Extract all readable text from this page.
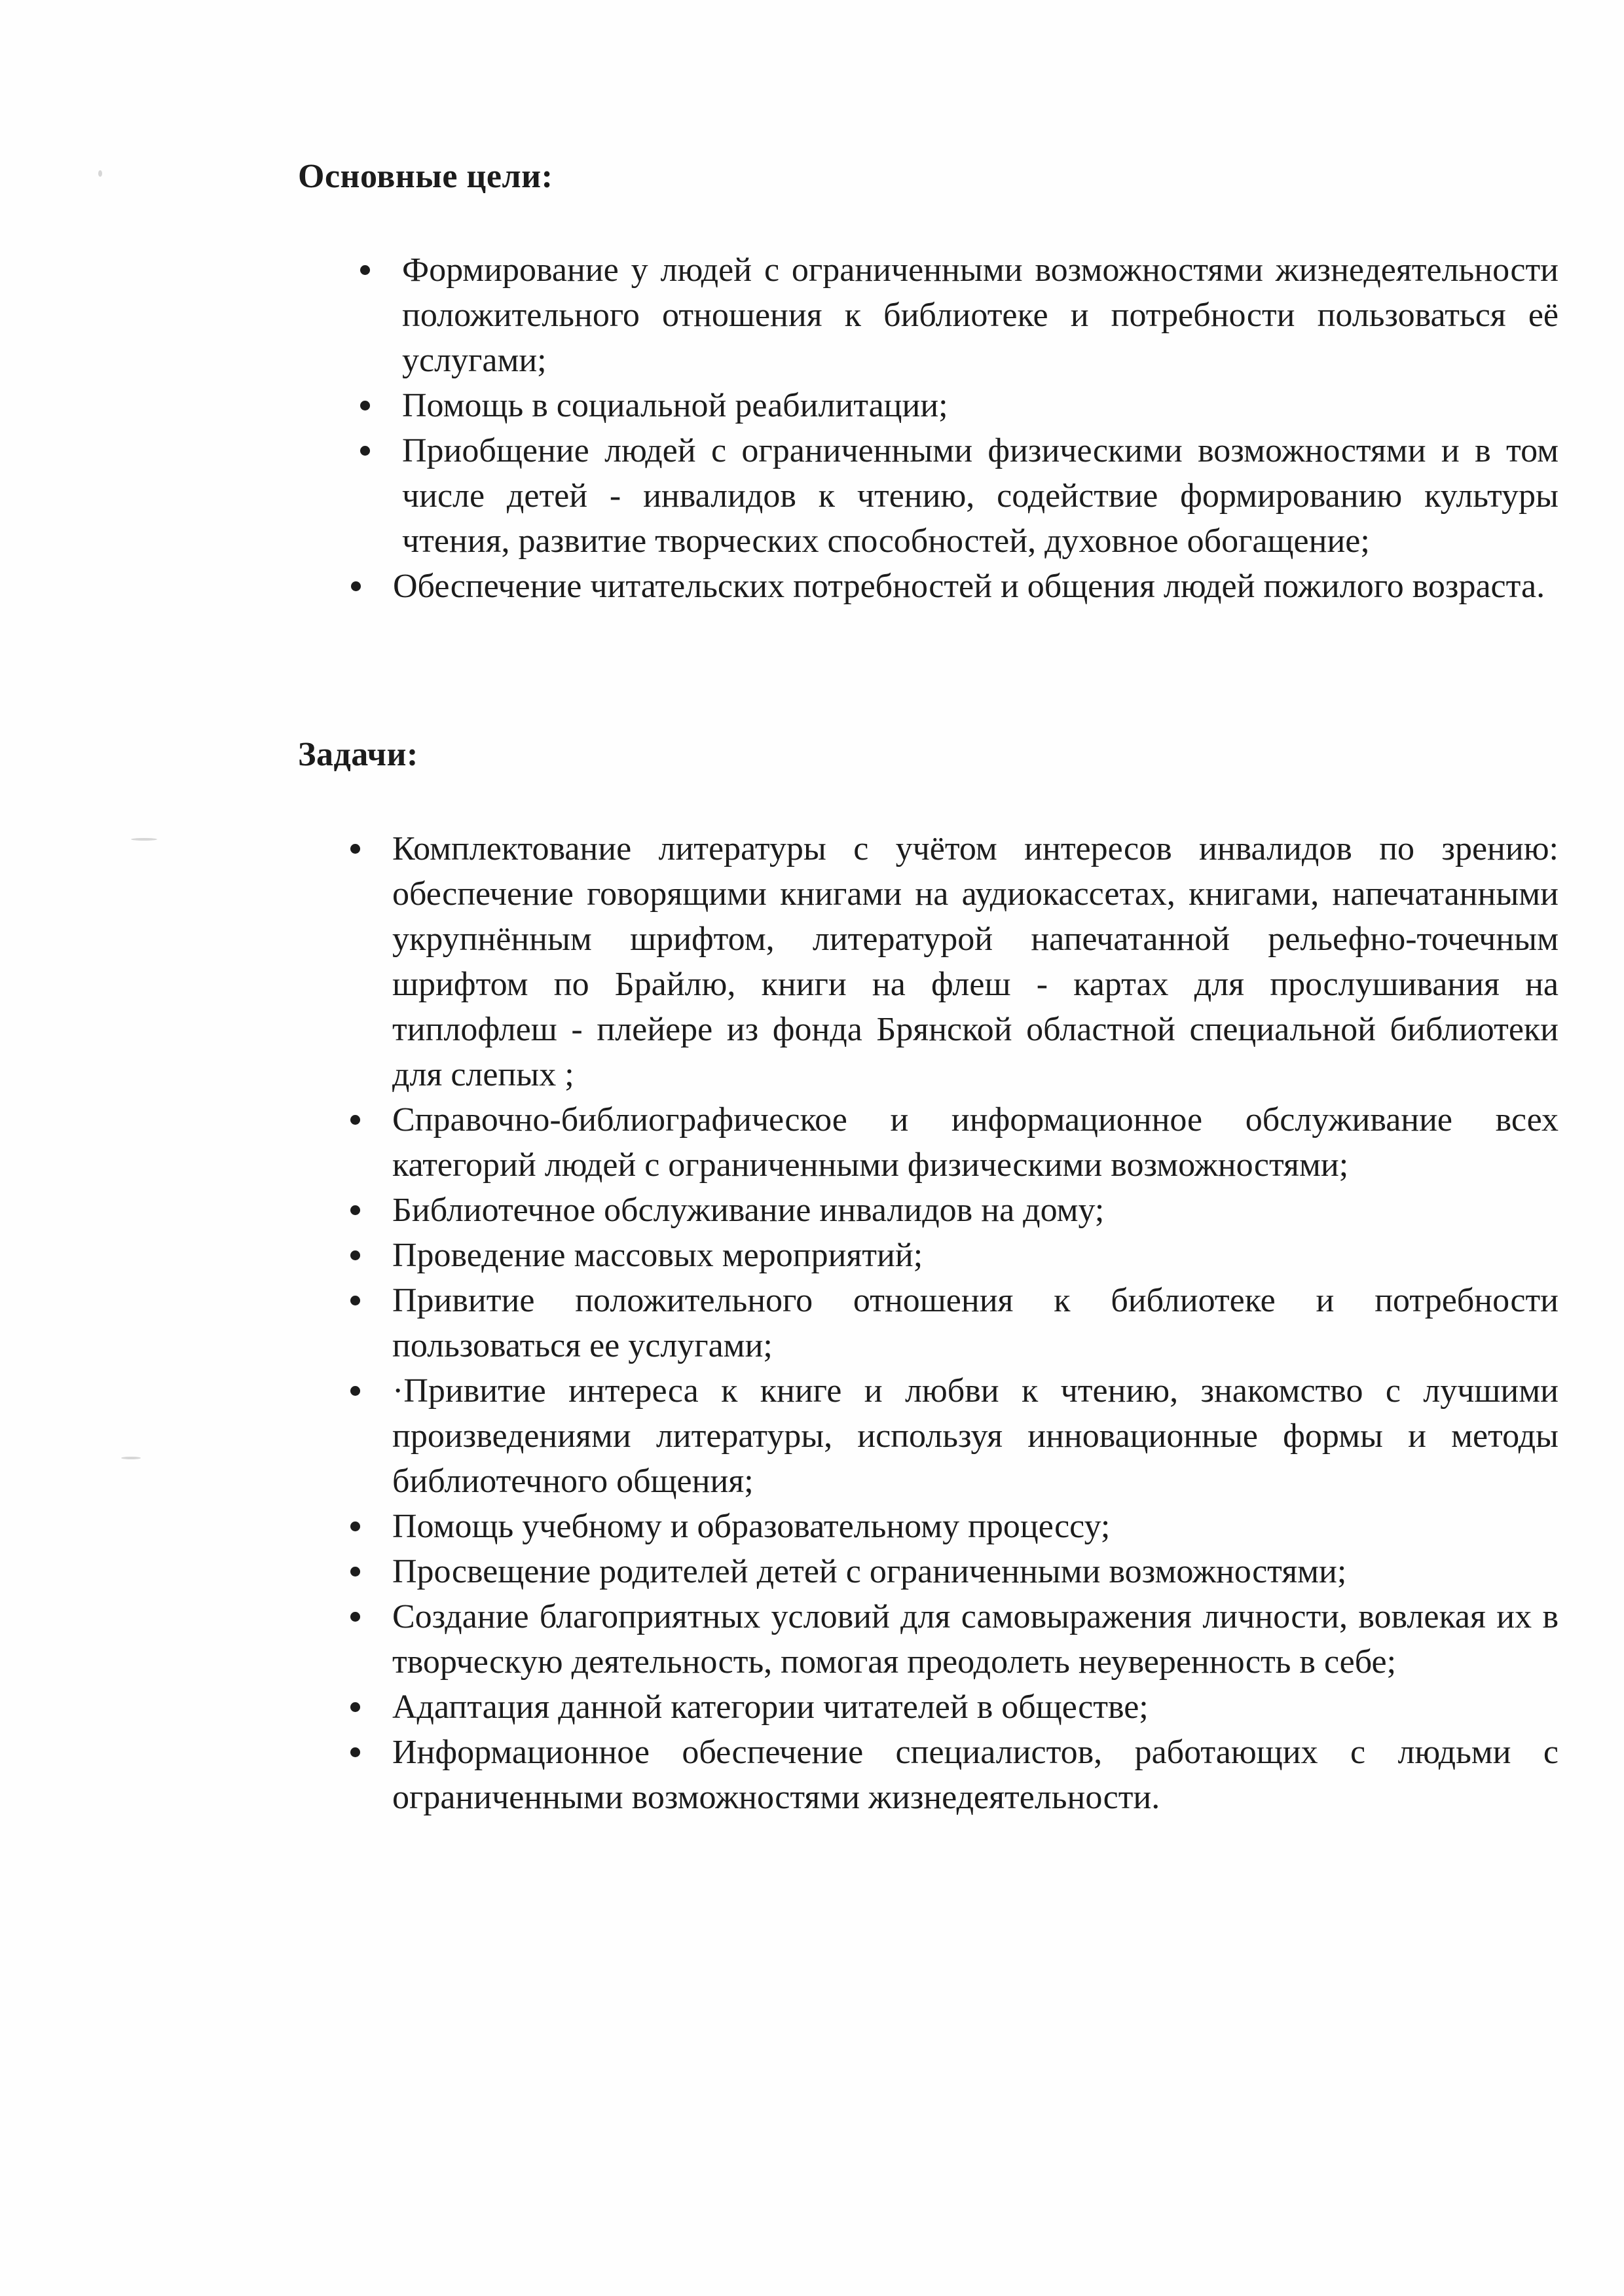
Основные цели:
Формирование у людей с ограниченными возможностями жизнедеятельности положительного отношения к библиотеке и потребности пользоваться её услугами;
Помощь в социальной реабилитации;
Приобщение людей с ограниченными физическими возможностями и в том числе детей - инвалидов к чтению, содействие формированию культуры чтения, развитие творческих способностей, духовное обогащение;
Обеспечение читательских потребностей и общения людей пожилого возраста.
Задачи:
Комплектование литературы с учётом интересов инвалидов по зрению: обеспечение говорящими книгами на аудиокассетах, книгами, напечатанными укрупнённым шрифтом, литературой напечатанной рельефно-точечным шрифтом по Брайлю, книги на флеш - картах для прослушивания на типлофлеш - плейере из фонда Брянской областной специальной библиотеки для слепых ;
Справочно-библиографическое и информационное обслуживание всех категорий людей с ограниченными физическими возможностями;
Библиотечное обслуживание инвалидов на дому;
Проведение массовых мероприятий;
Привитие положительного отношения к библиотеке и потребности пользоваться ее услугами;
·Привитие интереса к книге и любви к чтению, знакомство с лучшими произведениями литературы, используя инновационные формы и методы библиотечного общения;
Помощь учебному и образовательному процессу;
Просвещение родителей детей с ограниченными возможностями;
Создание благоприятных условий для самовыражения личности, вовлекая их в творческую деятельность, помогая преодолеть неуверенность в себе;
Адаптация данной категории читателей в обществе;
Информационное обеспечение специалистов, работающих с людьми с ограниченными возможностями жизнедеятельности.
